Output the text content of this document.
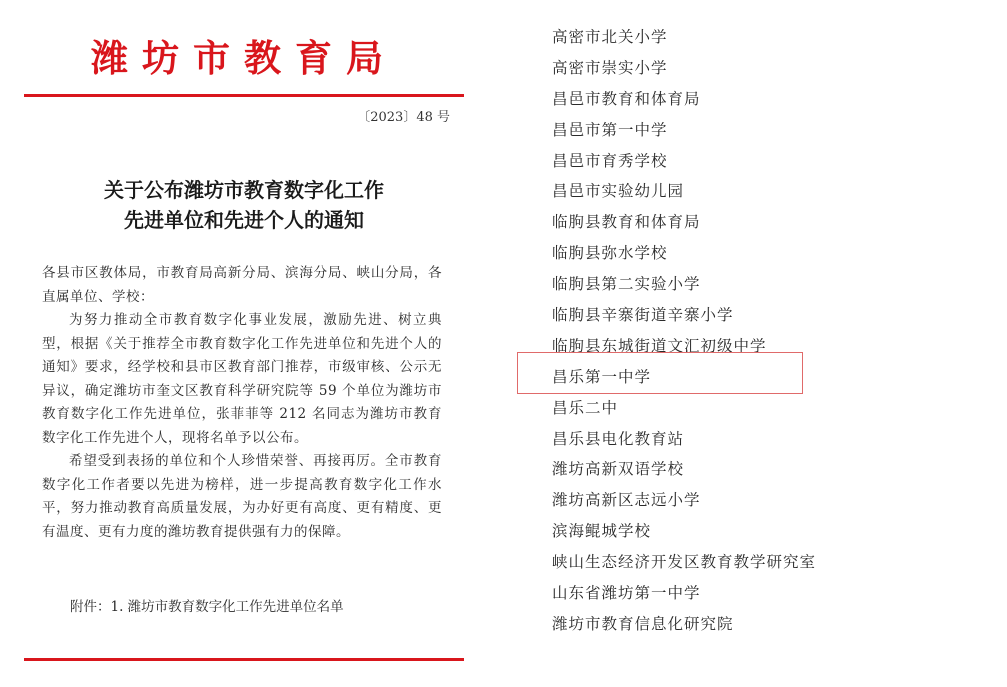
潍坊市教育局
〔2023〕48 号
关于公布潍坊市教育数字化工作
先进单位和先进个人的通知

各县市区教体局，市教育局高新分局、滨海分局、峡山分局，各直属单位、学校：

为努力推动全市教育数字化事业发展，激励先进、树立典型，根据《关于推荐全市教育数字化工作先进单位和先进个人的通知》要求，经学校和县市区教育部门推荐，市级审核、公示无异议，确定潍坊市奎文区教育科学研究院等 59 个单位为潍坊市教育数字化工作先进单位，张菲菲等 212 名同志为潍坊市教育数字化工作先进个人，现将名单予以公布。

希望受到表扬的单位和个人珍惜荣誉、再接再厉。全市教育数字化工作者要以先进为榜样，进一步提高教育数字化工作水平，努力推动教育高质量发展，为办好更有高度、更有精度、更有温度、更有力度的潍坊教育提供强有力的保障。

附件：1. 潍坊市教育数字化工作先进单位名单
高密市北关小学
高密市崇实小学
昌邑市教育和体育局
昌邑市第一中学
昌邑市育秀学校
昌邑市实验幼儿园
临朐县教育和体育局
临朐县弥水学校
临朐县第二实验小学
临朐县辛寨街道辛寨小学
临朐县东城街道文汇初级中学
昌乐第一中学
昌乐二中
昌乐县电化教育站
潍坊高新双语学校
潍坊高新区志远小学
滨海鲲城学校
峡山生态经济开发区教育教学研究室
山东省潍坊第一中学
潍坊市教育信息化研究院
